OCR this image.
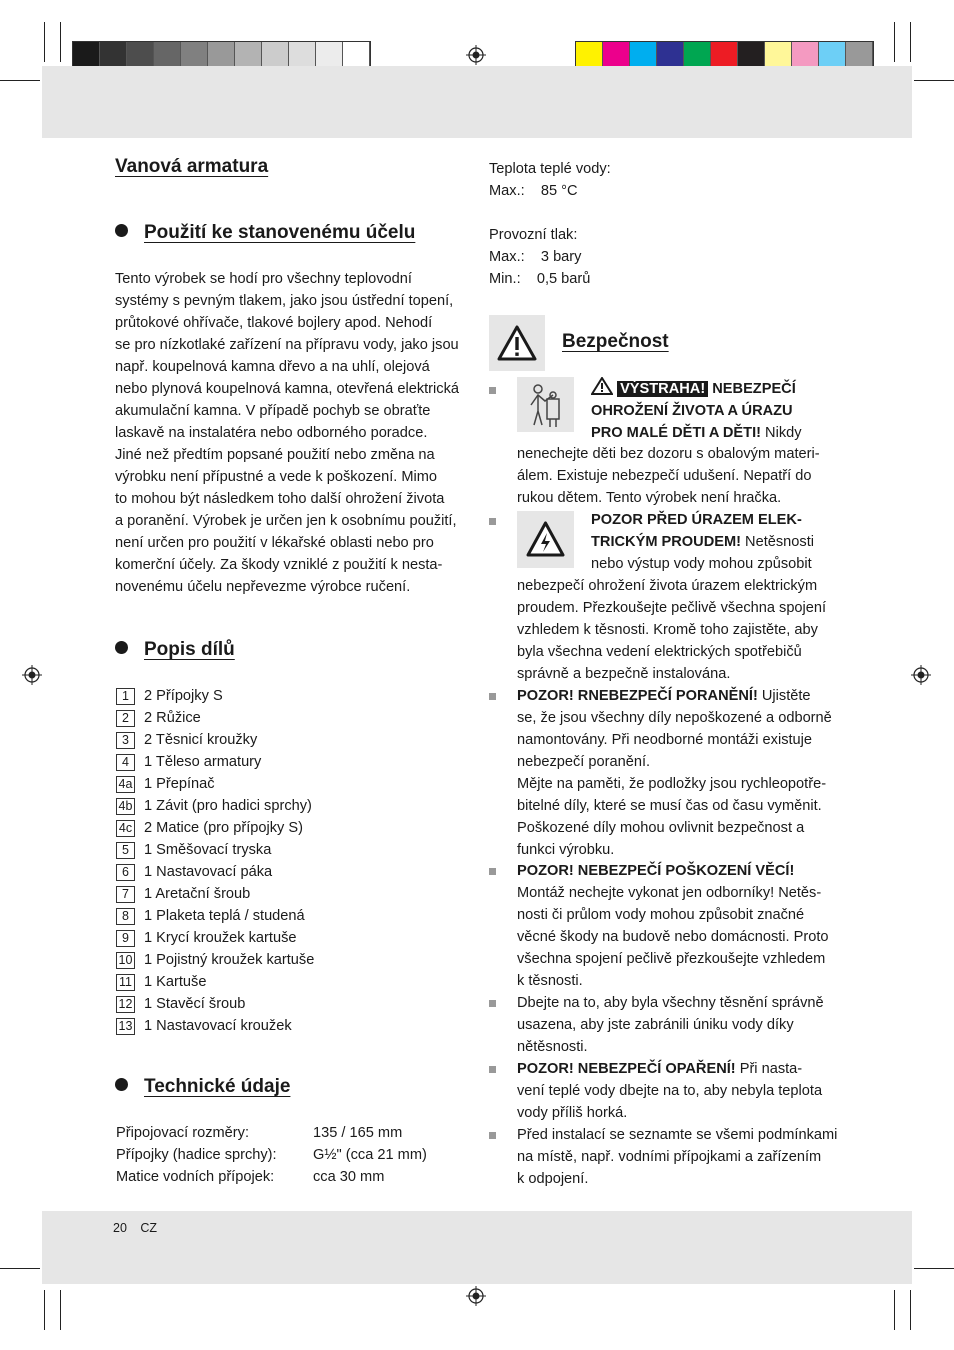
Vanová armatura
Použití ke stanovenému účelu

Tento výrobek se hodí pro všechny teplovodní

systémy s pevným tlakem, jako jsou ústřední topení,

průtokové ohřívače, tlakové bojlery apod. Nehodí

se pro nízkotlaké zařízení na přípravu vody, jako jsou

např. koupelnová kamna dřevo a na uhlí, olejová

nebo plynová koupelnová kamna, otevřená elektrická

akumulační kamna. V případě pochyb se obraťte

laskavě na instalatéra nebo odborného poradce.

Jiné než předtím popsané použití nebo změna na

výrobku není přípustné a vede k poškození. Mimo

to mohou být následkem toho další ohrožení života

a poranění. Výrobek je určen jen k osobnímu použití,

není určen pro použití v lékařské oblasti nebo pro

komerční účely. Za škody vzniklé z použití k nesta-

novenému účelu nepřevezme výrobce ručení.

Popis dílů
1	2 Přípojky S
2	2 Růžice
3	2 Těsnicí kroužky
4	1 Těleso armatury
4a 1 Přepínač
4b 1 Závit (pro hadici sprchy)
4c 2 Matice (pro přípojky S)
5	1 Směšovací tryska
6	1 Nastavovací páka
7	1 Aretační šroub
8	1 Plaketa teplá / studená
9	1 Krycí kroužek kartuše
10 1 Pojistný kroužek kartuše
11 1 Kartuše
12 1 Stavěcí šroub
13 1 Nastavovací kroužek
Technické údaje
Připojovací rozměry:	135 / 165 mm
Přípojky (hadice sprchy):	G½" (cca 21 mm)
Matice vodních přípojek:	cca 30 mm

Teplota teplé vody:

Max.:    85 °C

Provozní tlak:

Max.:    3 bary

Min.:    0,5 barů

Bezpečnost

VÝSTRAHA! NEBEZPEČÍ

OHROŽENÍ ŽIVOTA A ÚRAZU

PRO MALÉ DĚTI A DĚTI! Nikdy

nenechejte děti bez dozoru s obalovým materi-

álem. Existuje nebezpečí udušení. Nepatří do

rukou dětem. Tento výrobek není hračka.

POZOR PŘED ÚRAZEM ELEK-

TRICKÝM PROUDEM! Netěsnosti

nebo výstup vody mohou způsobit

nebezpečí ohrožení života úrazem elektrickým

proudem. Přezkoušejte pečlivě všechna spojení

vzhledem k těsnosti. Kromě toho zajistěte, aby

byla všechna vedení elektrických spotřebičů

správně a bezpečně instalována.

POZOR! RNEBEZPEČÍ PORANĚNÍ! Ujistěte

se, že jsou všechny díly nepoškozené a odborně

namontovány. Při neodborné montáži existuje

nebezpečí poranění.

Mějte na paměti, že podložky jsou rychleopotře-

bitelné díly, které se musí čas od času vyměnit.

Poškozené díly mohou ovlivnit bezpečnost a

funkci výrobku.

POZOR! NEBEZPEČÍ POŠKOZENÍ VĚCÍ!

Montáž nechejte vykonat jen odborníky! Netěs-

nosti či průlom vody mohou způsobit značné

věcné škody na budově nebo domácnosti. Proto

všechna spojení pečlivě přezkoušejte vzhledem

k těsnosti.

Dbejte na to, aby byla všechny těsnění správně

usazena, aby jste zabránili úniku vody díky

nětěsnosti.

POZOR! NEBEZPEČÍ OPAŘENÍ! Při nasta-

vení teplé vody dbejte na to, aby nebyla teplota

vody příliš horká.

Před instalací se seznamte se všemi podmínkami

na místě, např. vodními přípojkami a zařízením

k odpojení.

20 CZ
